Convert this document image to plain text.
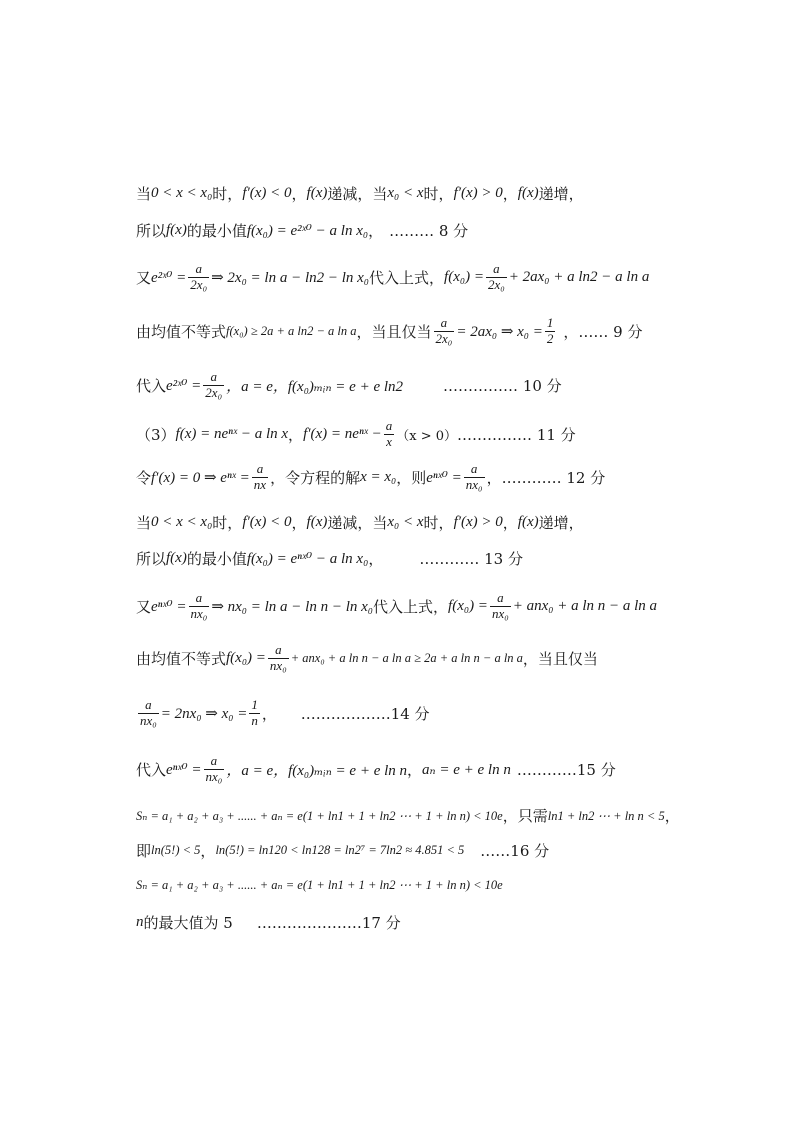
当 0 < x < x₀ 时， f′(x) < 0 ， f(x) 递减，当 x₀ < x 时， f′(x) > 0 ， f(x) 递增，
所以 f(x) 的最小值 f(x₀) = e²ˣ⁰ − a ln x₀ ， ……… 8 分
又 e²ˣ⁰ = $\frac{a}{\text{2x₀}}$ ⇒ 2x₀ = ln a − ln2 − ln x₀ 代入上式， $f(x_0) = \frac{a}{\text{2x₀}} + 2ax_0 + a$ ln2 − a ln a
由均值不等式 f(x₀) ≥ 2a + a ln2 − a ln a ，当且仅当 $\frac{a}{\text{2x₀}} = 2ax_0$ ⇒ $x_0 = \frac{1}{2}$ ，…… 9 分
代入 e²ˣ⁰ = $\frac{a}{\text{2x₀}}$ ，a = e，f(x₀)ₘᵢₙ = e + e ln2	…………… 10 分
（3） f(x) = neⁿˣ − a ln x ， f′(x) = neⁿˣ − $\frac{a}{x} (x > 0)$ …………… 11 分
令 f′(x) = 0 ⇒ eⁿˣ = $\frac{a}{nx}$ ，令方程的解 x = x₀ ，则 eⁿˣ⁰ = $\frac{a}{\text{nx₀}}$ ，………… 12 分
当 0 < x < x₀ 时， f′(x) < 0 ， f(x) 递减，当 x₀ < x 时， f′(x) > 0 ， f(x) 递增，
所以 f(x) 的最小值 f(x₀) = eⁿˣ⁰ − a ln x₀ ， ………… 13 分
又 eⁿˣ⁰ = $\frac{a}{\text{nx₀}}$ ⇒ nx₀ = ln a − ln n − ln x₀ 代入上式， $f(x_0) = \frac{a}{\text{nx₀}} + anx_0 + a$ ln n − a ln a
由均值不等式 $f(x_0) = \frac{a}{\text{nx₀}} + anx_0 + a$ ln n − a ln a ≥ 2a + a ln n − a ln a ，当且仅当
$\frac{a}{\text{nx₀}} = 2nx_0$ ⇒ $x_0 = \frac{1}{n}$ ，     ………………14 分
代入 eⁿˣ⁰ = $\frac{a}{\text{nx₀}}$ ，a = e，f(x₀)ₘᵢₙ = e + e ln n ， aₙ = e + e ln n …………15 分
Sₙ = a₁ + a₂ + a₃ + ...... + aₙ = e(1 + ln1 + 1 + ln2 ⋯ + 1 + ln n) < 10e ，只需 ln1 + ln2 ⋯ + ln n < 5 ，
即 ln(5!) < 5 ， ln(5!) = ln120 < ln128 = ln2⁷ = 7ln2 ≈ 4.851 < 5 ……16 分
Sₙ = a₁ + a₂ + a₃ + ...... + aₙ = e(1 + ln1 + 1 + ln2 ⋯ + 1 + ln n) < 10e
n 的最大值为 5 …………………17 分
